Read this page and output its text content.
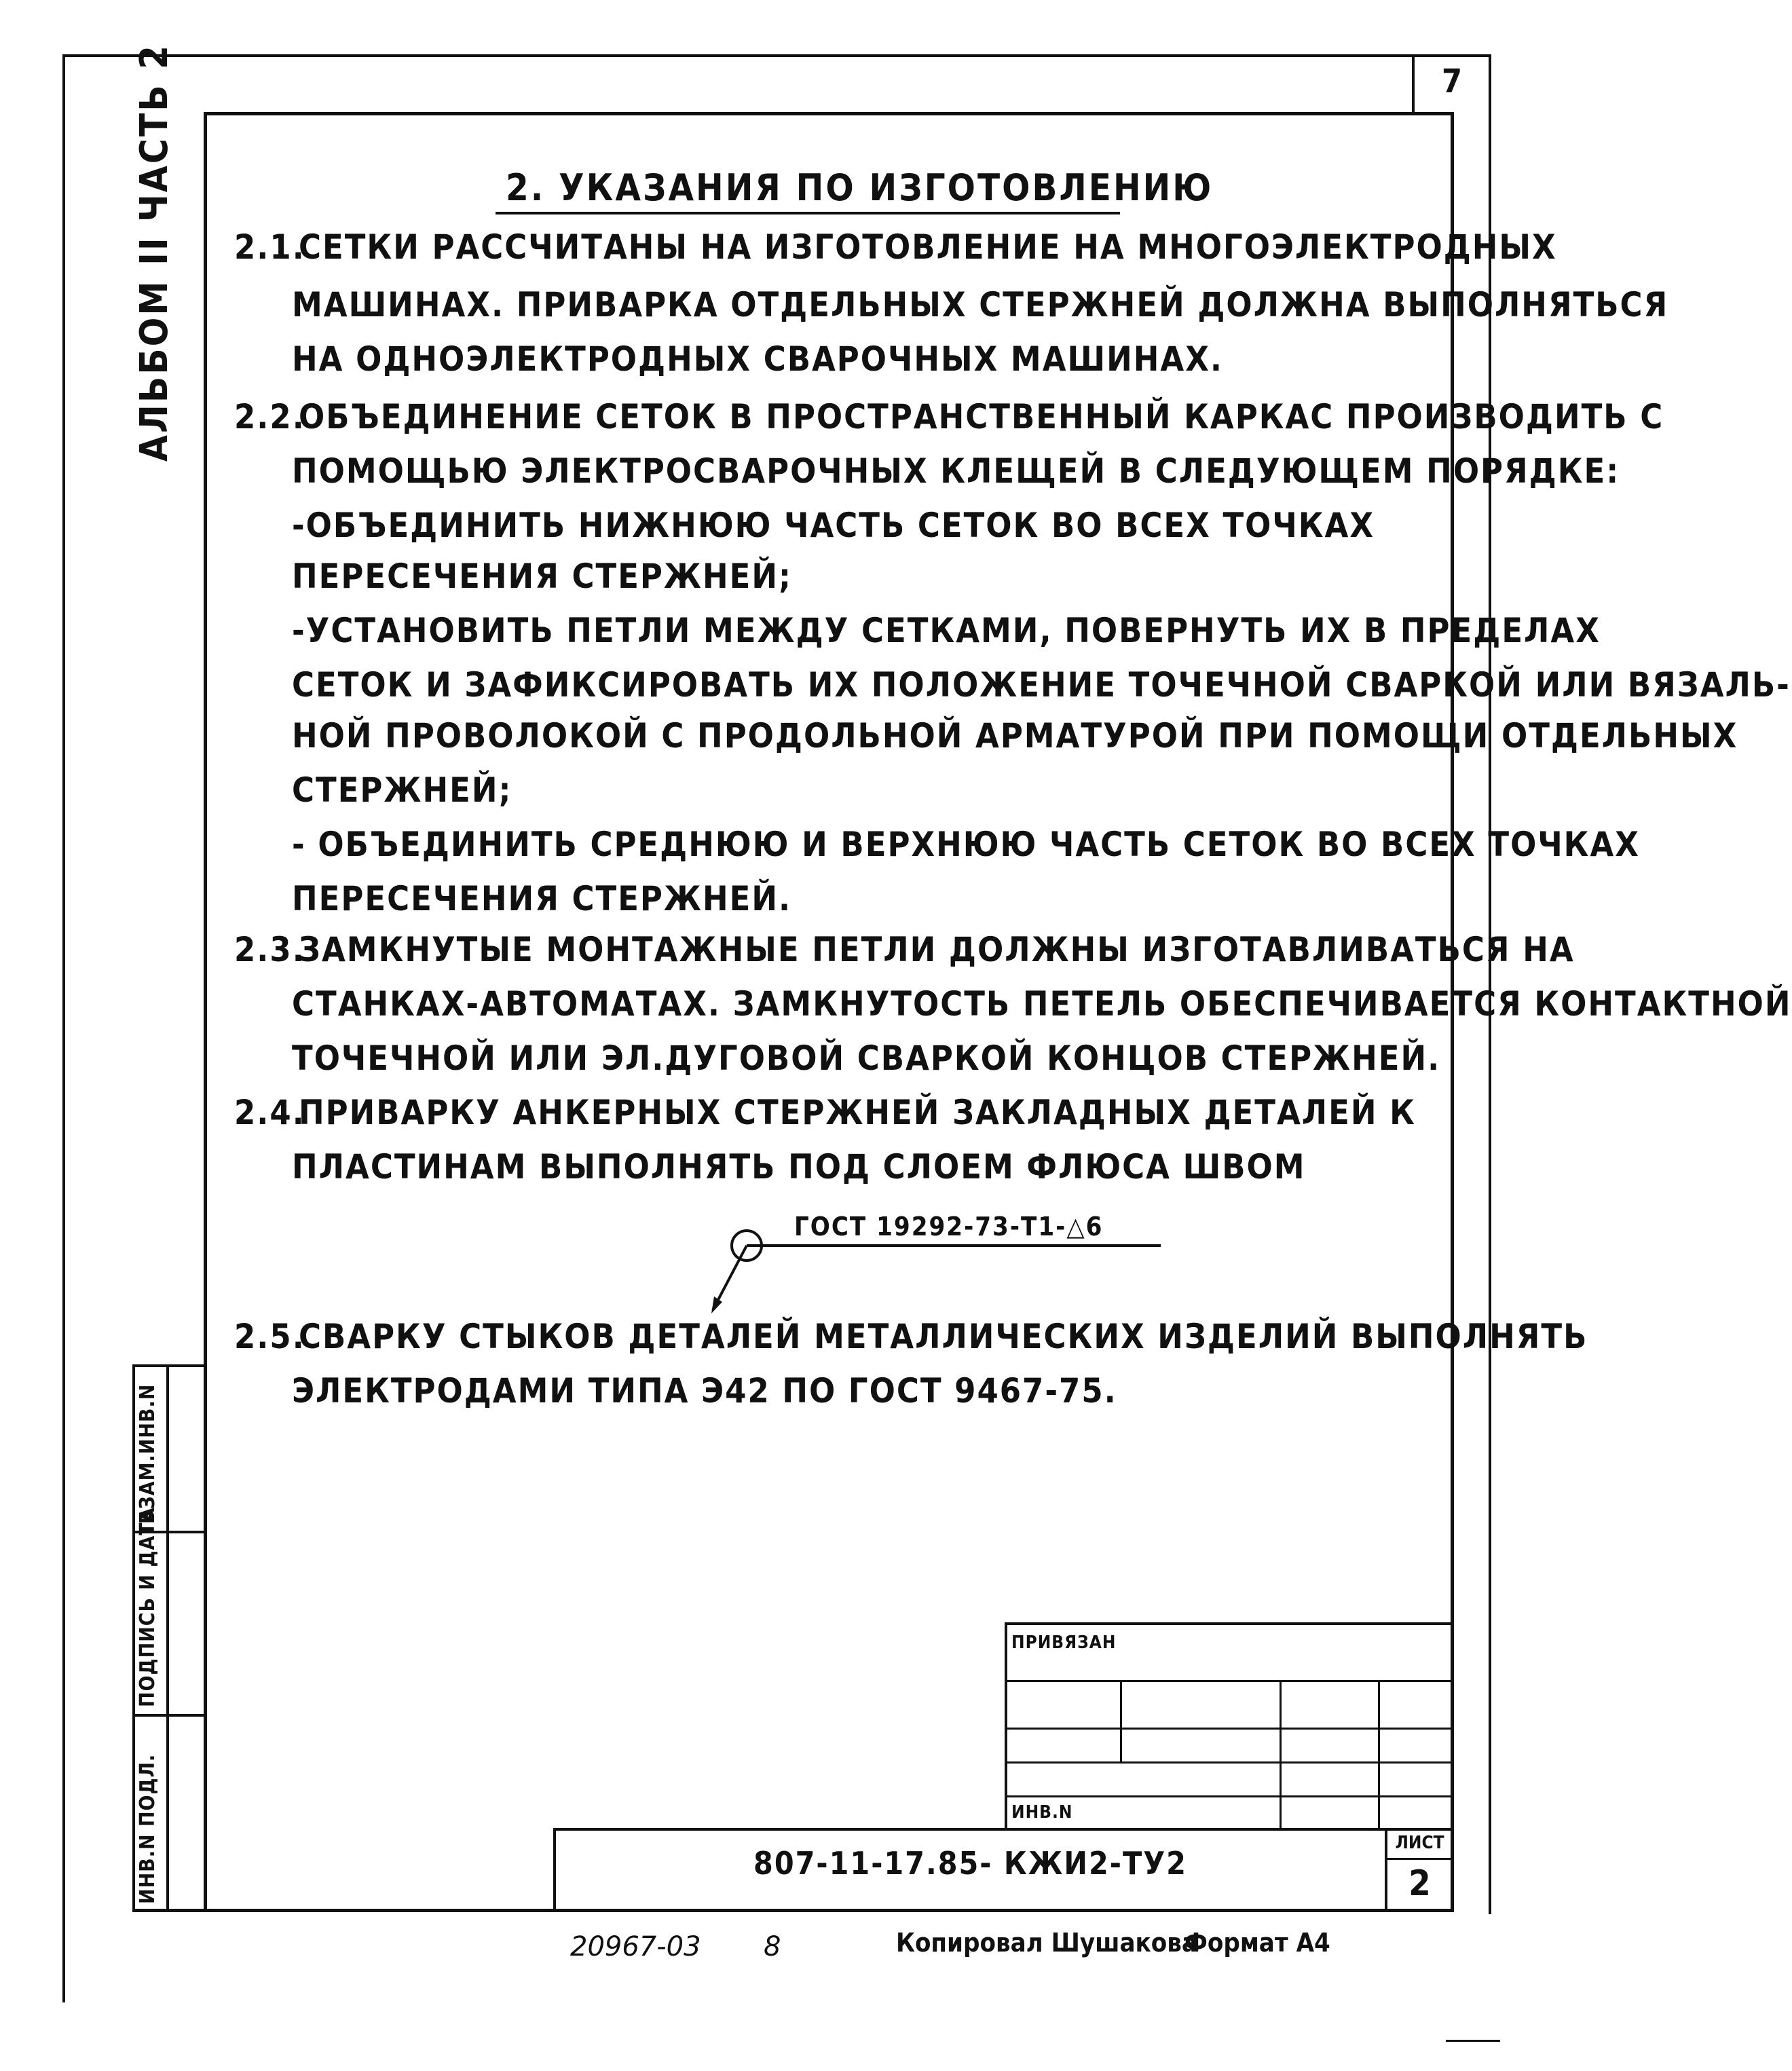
7
АЛЬБОМ II ЧАСТЬ 2
ВЗАМ.ИНВ.N
ПОДПИСЬ И ДАТА
ИНВ.N ПОДЛ.
2. УКАЗАНИЯ ПО ИЗГОТОВЛЕНИЮ
2.1.
СЕТКИ РАССЧИТАНЫ НА ИЗГОТОВЛЕНИЕ НА МНОГОЭЛЕКТРОДНЫХ
МАШИНАХ. ПРИВАРКА ОТДЕЛЬНЫХ СТЕРЖНЕЙ ДОЛЖНА ВЫПОЛНЯТЬСЯ
НА ОДНОЭЛЕКТРОДНЫХ СВАРОЧНЫХ МАШИНАХ.
2.2.
ОБЪЕДИНЕНИЕ СЕТОК В ПРОСТРАНСТВЕННЫЙ КАРКАС ПРОИЗВОДИТЬ С
ПОМОЩЬЮ ЭЛЕКТРОСВАРОЧНЫХ КЛЕЩЕЙ В СЛЕДУЮЩЕМ ПОРЯДКЕ:
-ОБЪЕДИНИТЬ НИЖНЮЮ ЧАСТЬ СЕТОК ВО ВСЕХ ТОЧКАХ
ПЕРЕСЕЧЕНИЯ СТЕРЖНЕЙ;
-УСТАНОВИТЬ ПЕТЛИ МЕЖДУ СЕТКАМИ, ПОВЕРНУТЬ ИХ В ПРЕДЕЛАХ
СЕТОК И ЗАФИКСИРОВАТЬ ИХ ПОЛОЖЕНИЕ ТОЧЕЧНОЙ СВАРКОЙ ИЛИ ВЯЗАЛЬ-
НОЙ ПРОВОЛОКОЙ С ПРОДОЛЬНОЙ АРМАТУРОЙ ПРИ ПОМОЩИ ОТДЕЛЬНЫХ
СТЕРЖНЕЙ;
- ОБЪЕДИНИТЬ СРЕДНЮЮ И ВЕРХНЮЮ ЧАСТЬ СЕТОК ВО ВСЕХ ТОЧКАХ
ПЕРЕСЕЧЕНИЯ СТЕРЖНЕЙ.
2.3.
ЗАМКНУТЫЕ МОНТАЖНЫЕ ПЕТЛИ ДОЛЖНЫ ИЗГОТАВЛИВАТЬСЯ НА
СТАНКАХ-АВТОМАТАХ. ЗАМКНУТОСТЬ ПЕТЕЛЬ ОБЕСПЕЧИВАЕТСЯ КОНТАКТНОЙ
ТОЧЕЧНОЙ ИЛИ ЭЛ.ДУГОВОЙ СВАРКОЙ КОНЦОВ СТЕРЖНЕЙ.
2.4.
ПРИВАРКУ АНКЕРНЫХ СТЕРЖНЕЙ ЗАКЛАДНЫХ ДЕТАЛЕЙ К
ПЛАСТИНАМ ВЫПОЛНЯТЬ ПОД СЛОЕМ ФЛЮСА ШВОМ
ГОСТ 19292-73-Т1-△6
2.5.
СВАРКУ СТЫКОВ ДЕТАЛЕЙ МЕТАЛЛИЧЕСКИХ ИЗДЕЛИЙ ВЫПОЛНЯТЬ
ЭЛЕКТРОДАМИ ТИПА Э42 ПО ГОСТ 9467-75.
ПРИВЯЗАН
ИНВ.N
807-11-17.85- КЖИ2-ТУ2
ЛИСТ
2
20967-03 8	Копировал Шушакова
Формат А4
